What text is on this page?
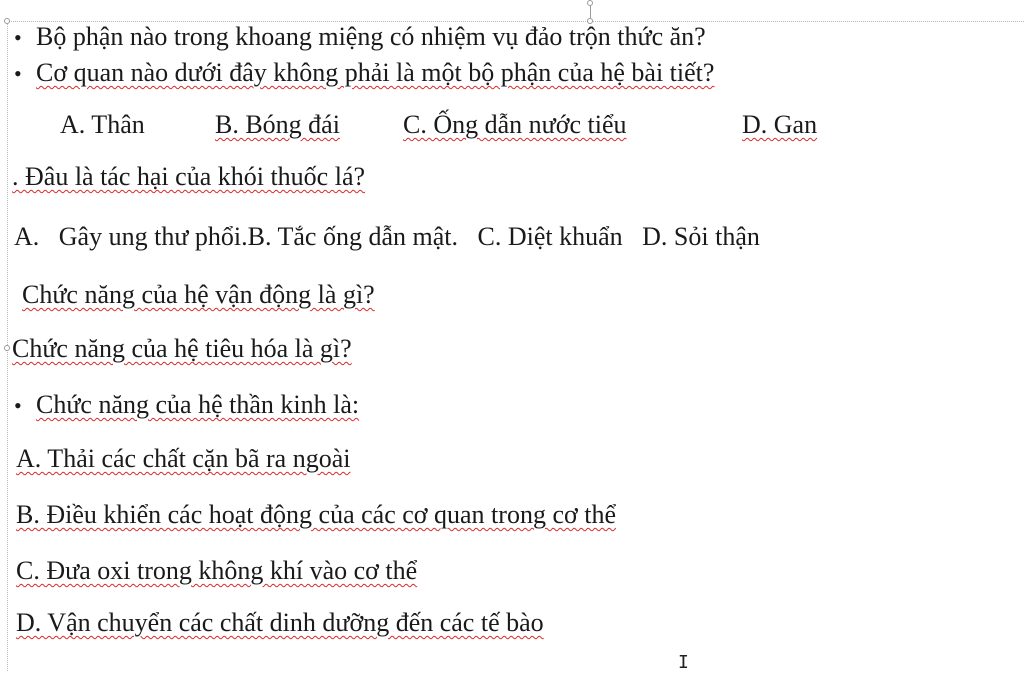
• Bộ phận nào trong khoang miệng có nhiệm vụ đảo trộn thức ăn?
• Cơ quan nào dưới đây không phải là một bộ phận của hệ bài tiết?
A. Thân	B. Bóng đái C. Ống dẫn nước tiểu	D. Gan
. Đâu là tác hại của khói thuốc lá?
A.   Gây ung thư phổi.B. Tắc ống dẫn mật.   C. Diệt khuẩn   D. Sỏi thận
Chức năng của hệ vận động là gì?
Chức năng của hệ tiêu hóa là gì?
• Chức năng của hệ thần kinh là:
A. Thải các chất cặn bã ra ngoài
B. Điều khiển các hoạt động của các cơ quan trong cơ thể
C. Đưa oxi trong không khí vào cơ thể
D. Vận chuyển các chất dinh dưỡng đến các tế bào
I
